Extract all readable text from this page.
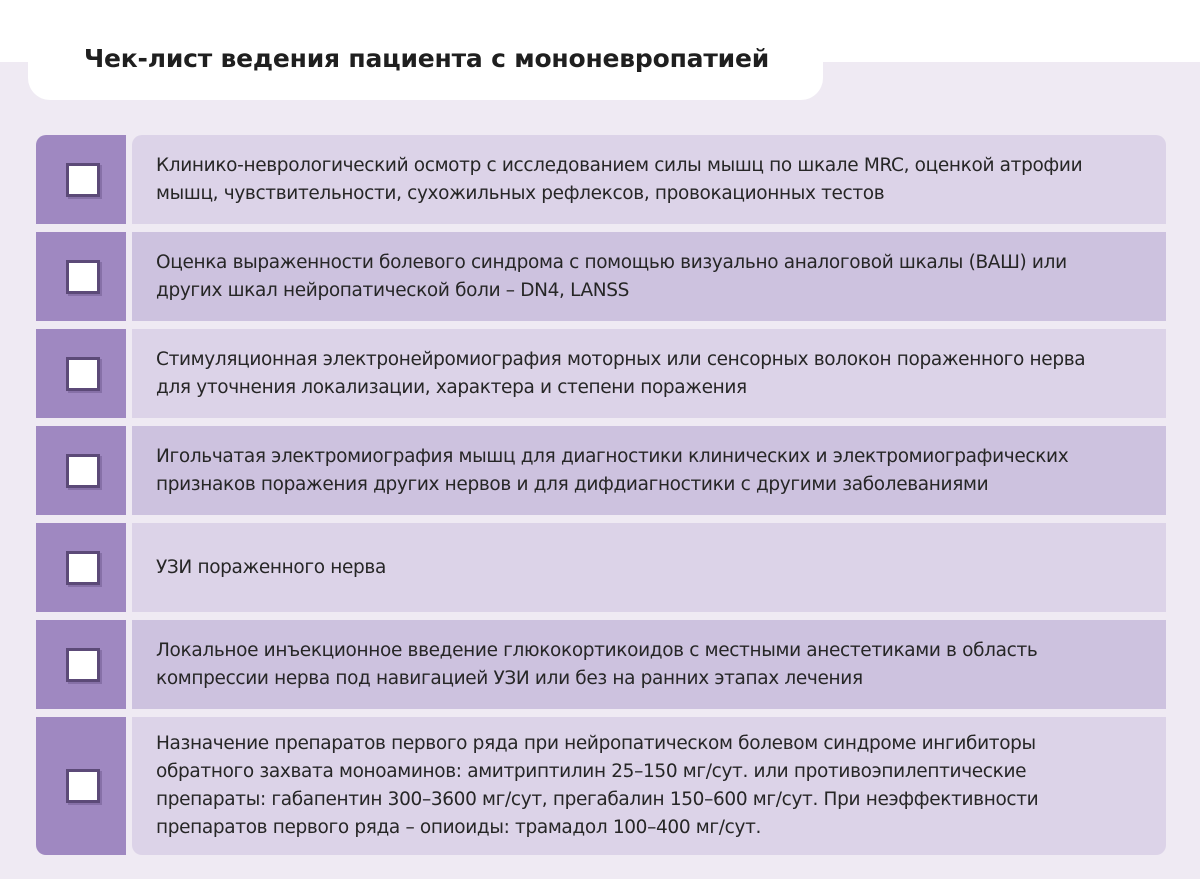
Чек-лист ведения пациента с мононевропатией
Клинико-неврологический осмотр с исследованием силы мышц по шкале MRC, оценкой атрофии
мышц, чувствительности, сухожильных рефлексов, провокационных тестов
Оценка выраженности болевого синдрома с помощью визуально аналоговой шкалы (ВАШ) или
других шкал нейропатической боли – DN4, LANSS
Стимуляционная электронейромиография моторных или сенсорных волокон пораженного нерва
для уточнения локализации, характера и степени поражения
Игольчатая электромиография мышц для диагностики клинических и электромиографических
признаков поражения других нервов и для дифдиагностики с другими заболеваниями
УЗИ пораженного нерва
Локальное инъекционное введение глюкокортикоидов с местными анестетиками в область
компрессии нерва под навигацией УЗИ или без на ранних этапах лечения
Назначение препаратов первого ряда при нейропатическом болевом синдроме ингибиторы
обратного захвата моноаминов: амитриптилин 25–150 мг/сут. или противоэпилептические
препараты: габапентин 300–3600 мг/сут, прегабалин 150–600 мг/сут. При неэффективности
препаратов первого ряда – опиоиды: трамадол 100–400 мг/сут.
